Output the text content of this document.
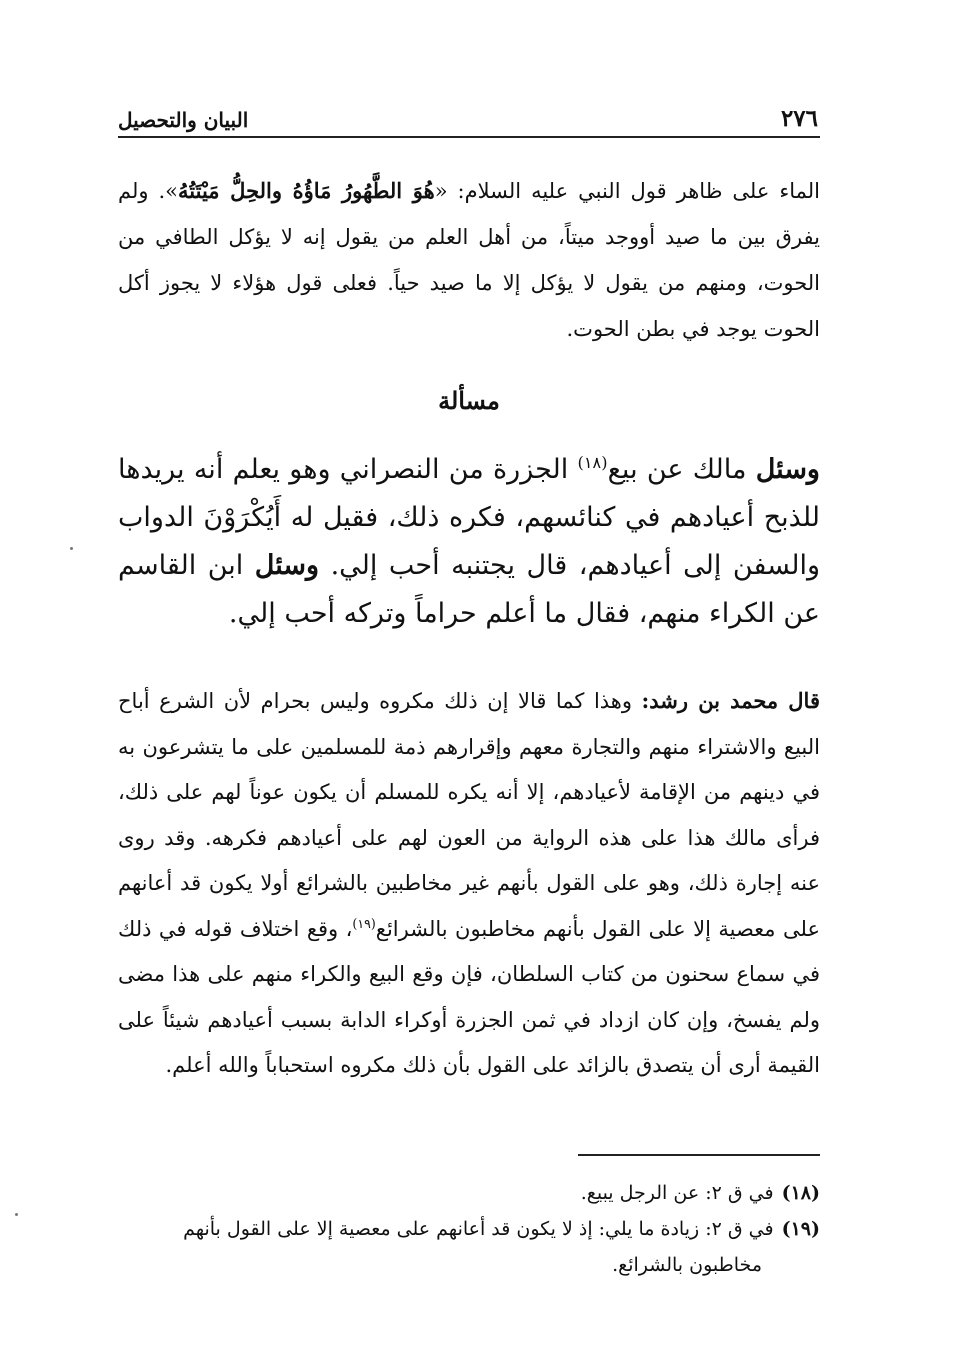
٢٧٦
البيان والتحصيل
الماء على ظاهر قول النبي عليه السلام: «هُوَ الطَّهُورُ مَاؤُهُ والحِلُّ مَيْتَتُهُ». ولم يفرق بين ما صيد أووجد ميتاً، من أهل العلم من يقول إنه لا يؤكل الطافي من الحوت، ومنهم من يقول لا يؤكل إلا ما صيد حياً. فعلى قول هؤلاء لا يجوز أكل الحوت يوجد في بطن الحوت.
مسألة
وسئل مالك عن بيع$^{(١٨)}$ الجزرة من النصراني وهو يعلم أنه يريدها للذبح أعيادهم في كنائسهم، فكره ذلك، فقيل له أَيُكْرَوْنَ الدواب والسفن إلى أعيادهم، قال يجتنبه أحب إلي. وسئل ابن القاسم عن الكراء منهم، فقال ما أعلم حراماً وتركه أحب إلي.
قال محمد بن رشد: وهذا كما قالا إن ذلك مكروه وليس بحرام لأن الشرع أباح البيع والاشتراء منهم والتجارة معهم وإقرارهم ذمة للمسلمين على ما يتشرعون به في دينهم من الإقامة لأعيادهم، إلا أنه يكره للمسلم أن يكون عوناً لهم على ذلك، فرأى مالك هذا على هذه الرواية من العون لهم على أعيادهم فكرهه. وقد روى عنه إجارة ذلك، وهو على القول بأنهم غير مخاطبين بالشرائع أولا يكون قد أعانهم على معصية إلا على القول بأنهم مخاطبون بالشرائع$^{(١٩)}$، وقع اختلاف قوله في ذلك في سماع سحنون من كتاب السلطان، فإن وقع البيع والكراء منهم على هذا مضى ولم يفسخ، وإن كان ازداد في ثمن الجزرة أوكراء الدابة بسبب أعيادهم شيئاً على القيمة أرى أن يتصدق بالزائد على القول بأن ذلك مكروه استحباباً والله أعلم.
(١٨)في ق ٢: عن الرجل يبيع.
(١٩)في ق ٢: زيادة ما يلي: إذ لا يكون قد أعانهم على معصية إلا على القول بأنهم
مخاطبون بالشرائع.
